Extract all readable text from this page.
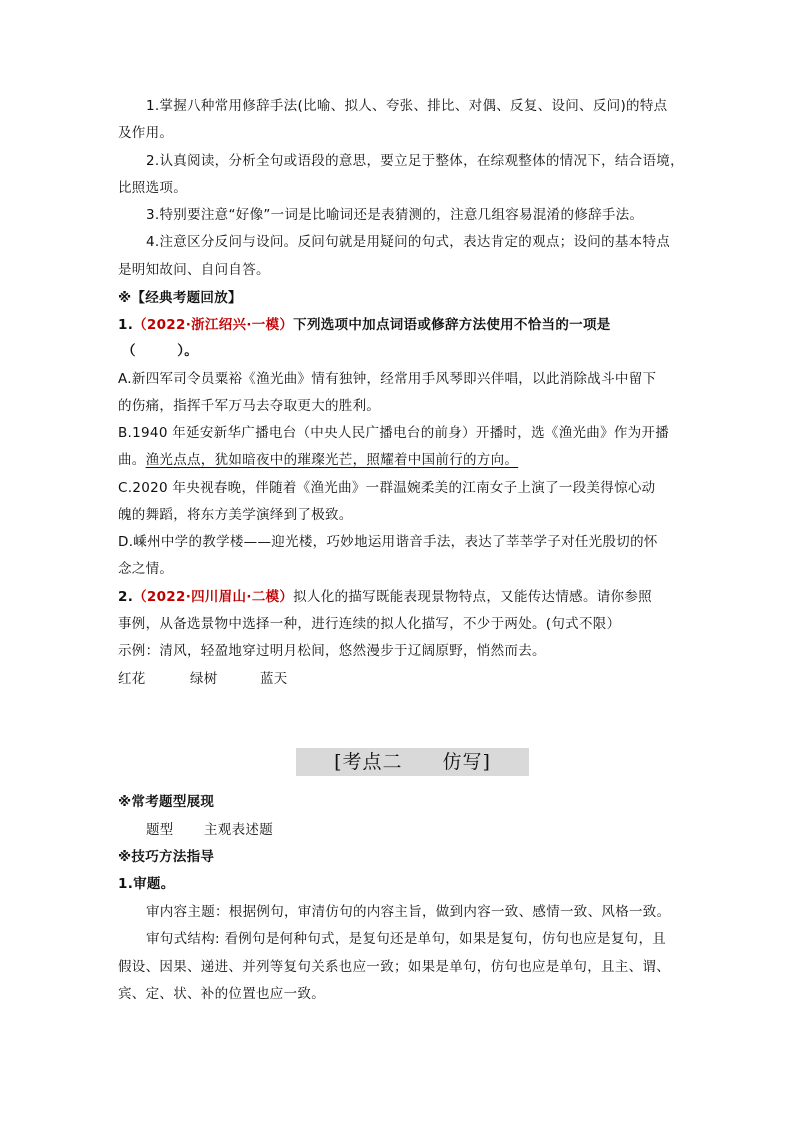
1.掌握八种常用修辞手法(比喻、拟人、夸张、排比、对偶、反复、设问、反问)的特点
及作用。
2.认真阅读，分析全句或语段的意思，要立足于整体，在综观整体的情况下，结合语境，
比照选项。
3.特别要注意“好像”一词是比喻词还是表猜测的，注意几组容易混淆的修辞手法。
4.注意区分反问与设问。反问句就是用疑问的句式，表达肯定的观点；设问的基本特点
是明知故问、自问自答。
※【经典考题回放】
1.（2022·浙江绍兴·一模）下列选项中加点词语或修辞方法使用不恰当的一项是
（　　　）。
A.新四军司令员粟裕《渔光曲》情有独钟，经常用手风琴即兴伴唱，以此消除战斗中留下
的伤痛，指挥千军万马去夺取更大的胜利。
B.1940 年延安新华广播电台（中央人民广播电台的前身）开播时，选《渔光曲》作为开播
曲。渔光点点，犹如暗夜中的璀璨光芒，照耀着中国前行的方向。
C.2020 年央视春晚，伴随着《渔光曲》一群温婉柔美的江南女子上演了一段美得惊心动
魄的舞蹈，将东方美学演绎到了极致。
D.嵊州中学的教学楼——迎光楼，巧妙地运用谐音手法，表达了莘莘学子对任光殷切的怀
念之情。
2.（2022·四川眉山·二模）拟人化的描写既能表现景物特点，又能传达情感。请你参照
事例，从备选景物中选择一种，进行连续的拟人化描写，不少于两处。(句式不限）
示例：清风，轻盈地穿过明月松间，悠然漫步于辽阔原野，悄然而去。
红花	绿树	蓝天
[考点二 仿写]
※常考题型展现
题型 主观表述题
※技巧方法指导
1.审题。
审内容主题：根据例句，审清仿句的内容主旨，做到内容一致、感情一致、风格一致。
审句式结构: 看例句是何种句式，是复句还是单句，如果是复句，仿句也应是复句，且
假设、因果、递进、并列等复句关系也应一致；如果是单句，仿句也应是单句，且主、谓、
宾、定、状、补的位置也应一致。
